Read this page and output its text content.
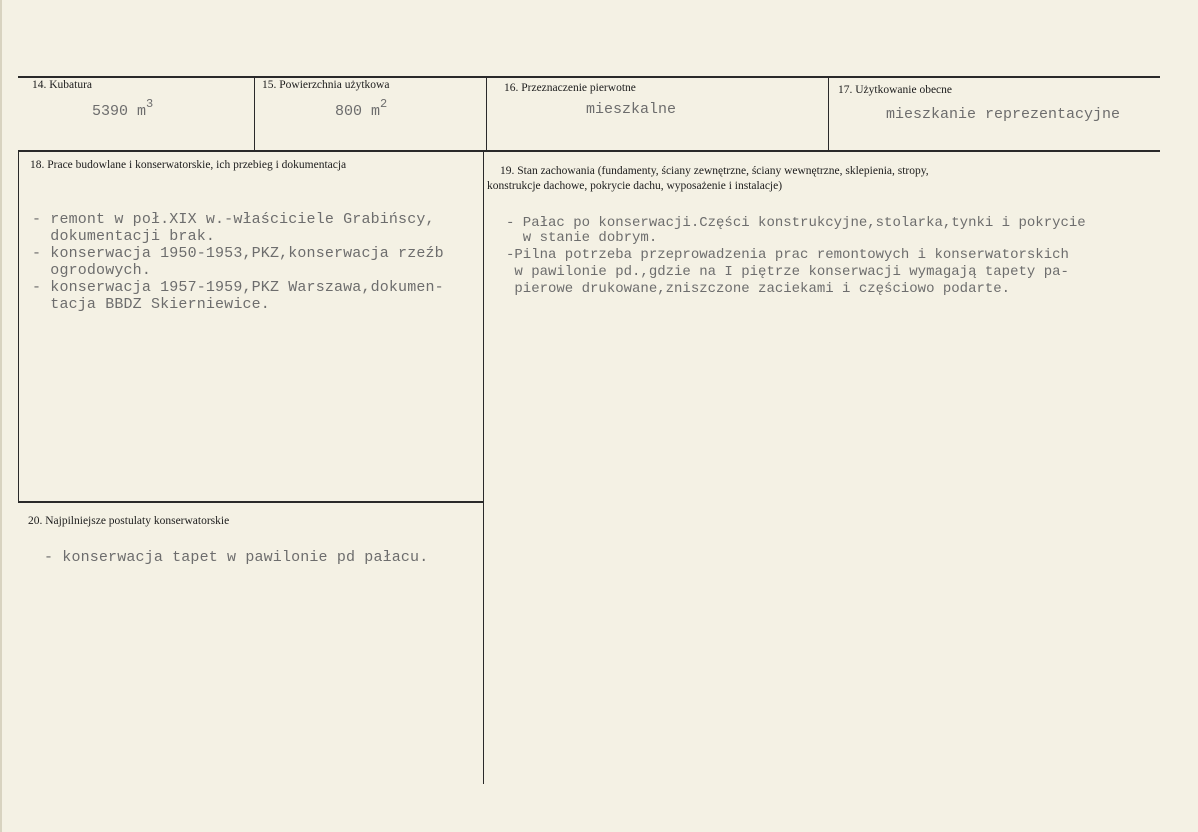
14. Kubatura
5390 $m^3$
15. Powierzchnia użytkowa
800 $m^2$
16. Przeznaczenie pierwotne
mieszkalne
17. Użytkowanie obecne
mieszkanie reprezentacyjne
18. Prace budowlane i konserwatorskie, ich przebieg i dokumentacja
- remont w poł.XIX w.-właściciele Grabińscy,
dokumentacji brak.
- konserwacja 1950-1953,PKZ,konserwacja rzeźb
ogrodowych.
- konserwacja 1957-1959,PKZ Warszawa,dokumen-
tacja BBDZ Skierniewice.
19. Stan zachowania (fundamenty, ściany zewnętrzne, ściany wewnętrzne, sklepienia, stropy,
konstrukcje dachowe, pokrycie dachu, wyposażenie i instalacje)
- Pałac po konserwacji.Części konstrukcyjne,stolarka,tynki i pokrycie
w stanie dobrym.
-Pilna potrzeba przeprowadzenia prac remontowych i konserwatorskich
w pawilonie pd.,gdzie na I piętrze konserwacji wymagają tapety pa-
pierowe drukowane,zniszczone zaciekami i częściowo podarte.
20. Najpilniejsze postulaty konserwatorskie
- konserwacja tapet w pawilonie pd pałacu.
